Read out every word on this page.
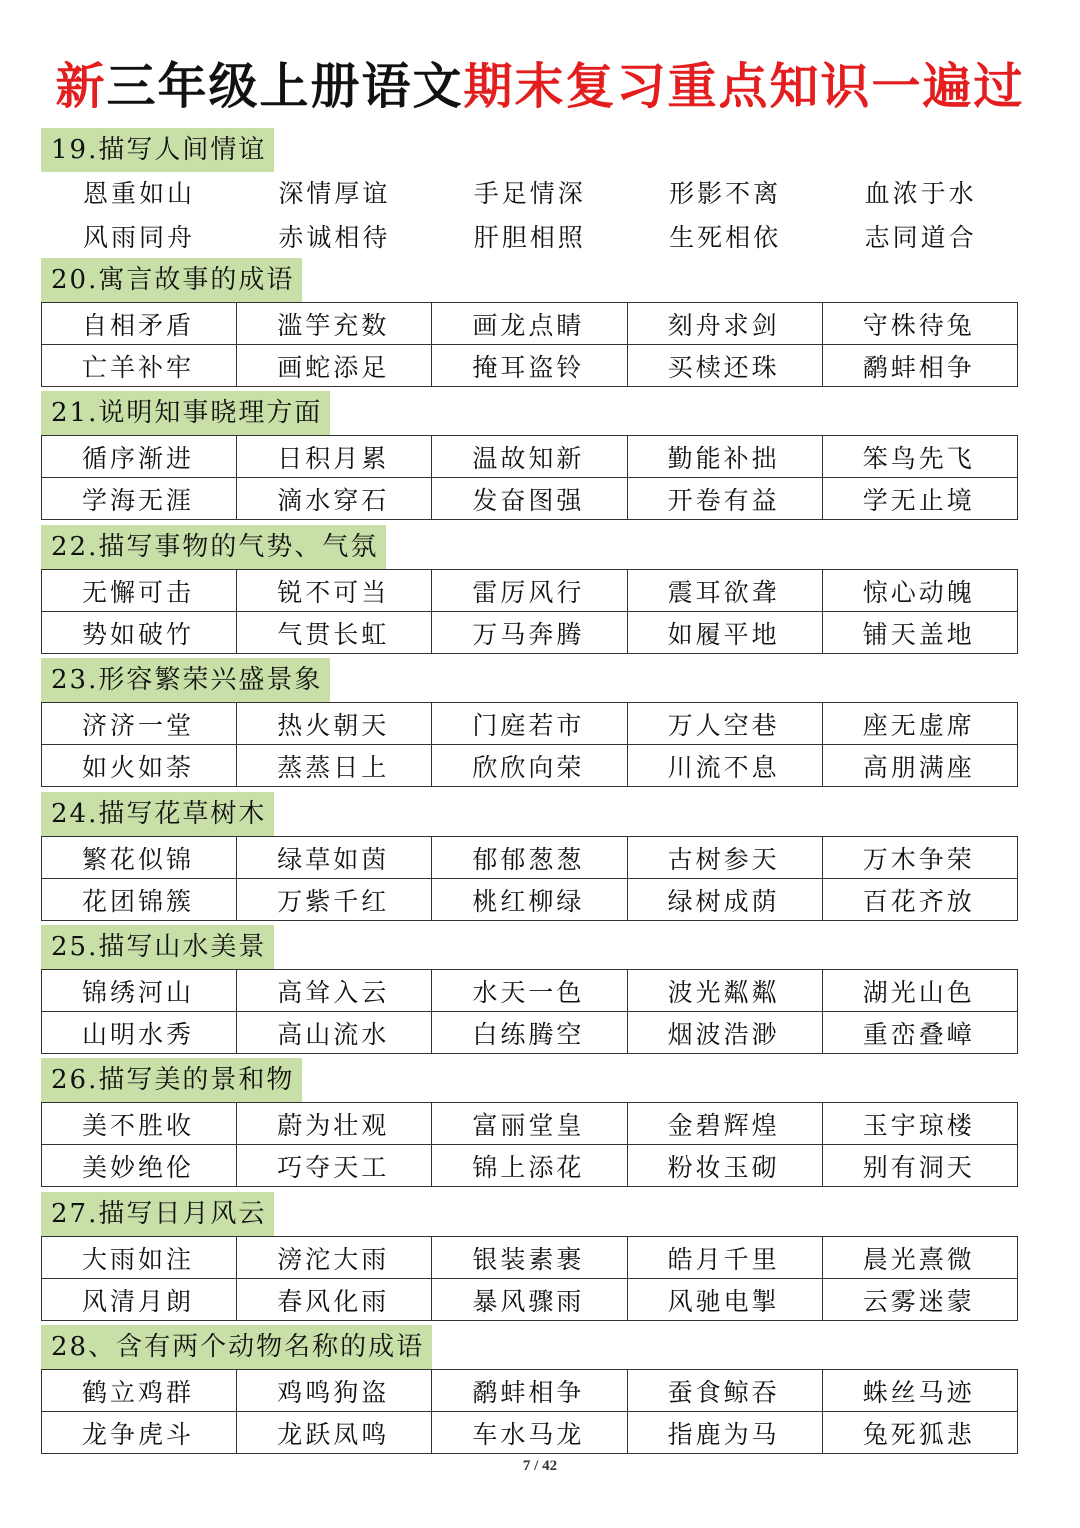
新三年级上册语文期末复习重点知识一遍过
19.描写人间情谊
恩重如山	深情厚谊	手足情深	形影不离	血浓于水
风雨同舟	赤诚相待	肝胆相照	生死相依	志同道合
20.寓言故事的成语
自相矛盾	滥竽充数	画龙点睛	刻舟求剑	守株待兔
亡羊补牢	画蛇添足	掩耳盗铃	买椟还珠	鹬蚌相争
21.说明知事晓理方面
循序渐进	日积月累	温故知新	勤能补拙	笨鸟先飞
学海无涯	滴水穿石	发奋图强	开卷有益	学无止境
22.描写事物的气势、气氛
无懈可击	锐不可当	雷厉风行	震耳欲聋	惊心动魄
势如破竹	气贯长虹	万马奔腾	如履平地	铺天盖地
23.形容繁荣兴盛景象
济济一堂	热火朝天	门庭若市	万人空巷	座无虚席
如火如荼	蒸蒸日上	欣欣向荣	川流不息	高朋满座
24.描写花草树木
繁花似锦	绿草如茵	郁郁葱葱	古树参天	万木争荣
花团锦簇	万紫千红	桃红柳绿	绿树成荫	百花齐放
25.描写山水美景
锦绣河山	高耸入云	水天一色	波光粼粼	湖光山色
山明水秀	高山流水	白练腾空	烟波浩渺	重峦叠嶂
26.描写美的景和物
美不胜收	蔚为壮观	富丽堂皇	金碧辉煌	玉宇琼楼
美妙绝伦	巧夺天工	锦上添花	粉妆玉砌	别有洞天
27.描写日月风云
大雨如注	滂沱大雨	银装素裹	皓月千里	晨光熹微
风清月朗	春风化雨	暴风骤雨	风驰电掣	云雾迷蒙
28、含有两个动物名称的成语
鹤立鸡群	鸡鸣狗盗	鹬蚌相争	蚕食鲸吞	蛛丝马迹
龙争虎斗	龙跃凤鸣	车水马龙	指鹿为马	兔死狐悲
7 / 42
